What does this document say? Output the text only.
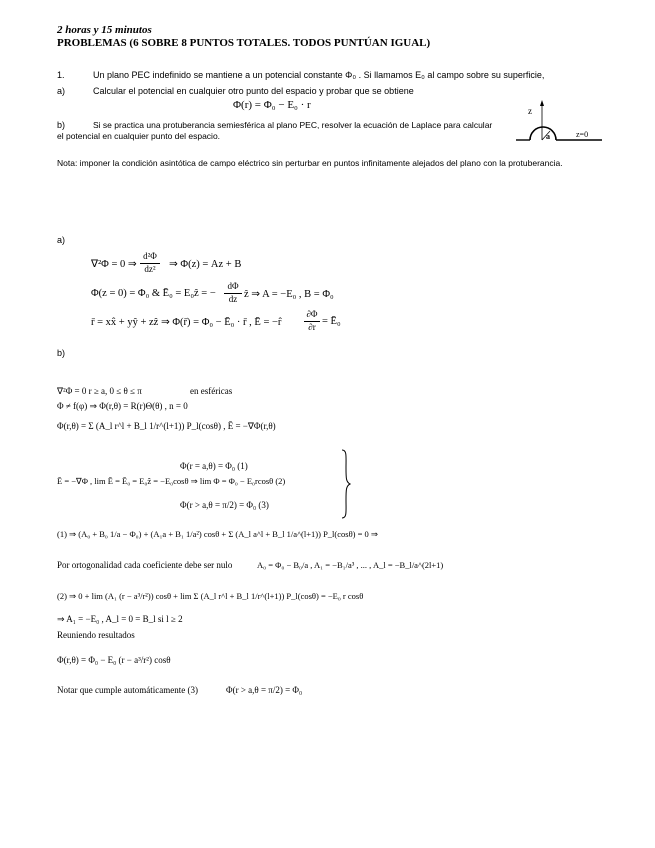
2 horas y 15 minutos
PROBLEMAS (6 SOBRE 8 PUNTOS TOTALES. TODOS PUNTÚAN IGUAL)
1.	Un plano PEC indefinido se mantiene a un potencial constante Φ₀ . Si llamamos E₀ al campo sobre su superficie,
a)	Calcular el potencial en cualquier otro punto del espacio y probar que se obtiene
Φ(r) = Φ₀ − E₀ · r
b)	Si se practica una protuberancia semiesférica al plano PEC, resolver la ecuación de Laplace para calcular el potencial en cualquier punto del espacio.
z
a	z=0
Nota: imponer la condición asintótica de campo eléctrico sin perturbar en puntos infinitamente alejados del plano con la protuberancia.
a)
∇²Φ = 0 ⇒
d²Φ
dz²	⇒ Φ(z) = Az + B
Φ(z = 0) = Φ₀ & Ē₀ = E₀ẑ = −
dΦ
dz ẑ ⇒ A = −E₀ , B = Φ₀
r̄ = xx̂ + yŷ + zẑ ⇒ Φ(r̄) = Φ₀ − Ē₀ · r̄ , Ē = −r̂
∂Φ
∂r = Ē₀
b)
∇²Φ = 0 r ≥ a, 0 ≤ θ ≤ π	en esféricas
Φ ≠ f(φ) ⇒ Φ(r,θ) = R(r)Θ(θ) , n = 0
Φ(r,θ) = Σ (A_l r^l + B_l 1/r^(l+1)) P_l(cosθ) , Ē = −∇Φ(r,θ)
Φ(r = a,θ) = Φ₀ (1)
Ē = −∇Φ , lim Ē = Ē₀ = E₀ẑ = −E₀cosθ ⇒ lim Φ = Φ₀ − E₀rcosθ (2)
Φ(r > a,θ = π/2) = Φ₀ (3)
(1) ⇒ (A₀ + B₀ 1/a − Φ₀) + (A₁a + B₁ 1/a²) cosθ + Σ (A_l a^l + B_l 1/a^(l+1)) P_l(cosθ) = 0 ⇒
Por ortogonalidad cada coeficiente debe ser nulo	A₀ = Φ₀ − B₀/a , A₁ = −B₁/a³ , ... , A_l = −B_l/a^(2l+1)
(2) ⇒ 0 + lim (A₁ (r − a³/r²)) cosθ + lim Σ (A_l r^l + B_l 1/r^(l+1)) P_l(cosθ) = −E₀ r cosθ
⇒ A₁ = −E₀ , A_l = 0 = B_l si l ≥ 2
Reuniendo resultados
Φ(r,θ) = Φ₀ − E₀ (r − a³/r²) cosθ
Notar que cumple automáticamente (3)	Φ(r > a,θ = π/2) = Φ₀
